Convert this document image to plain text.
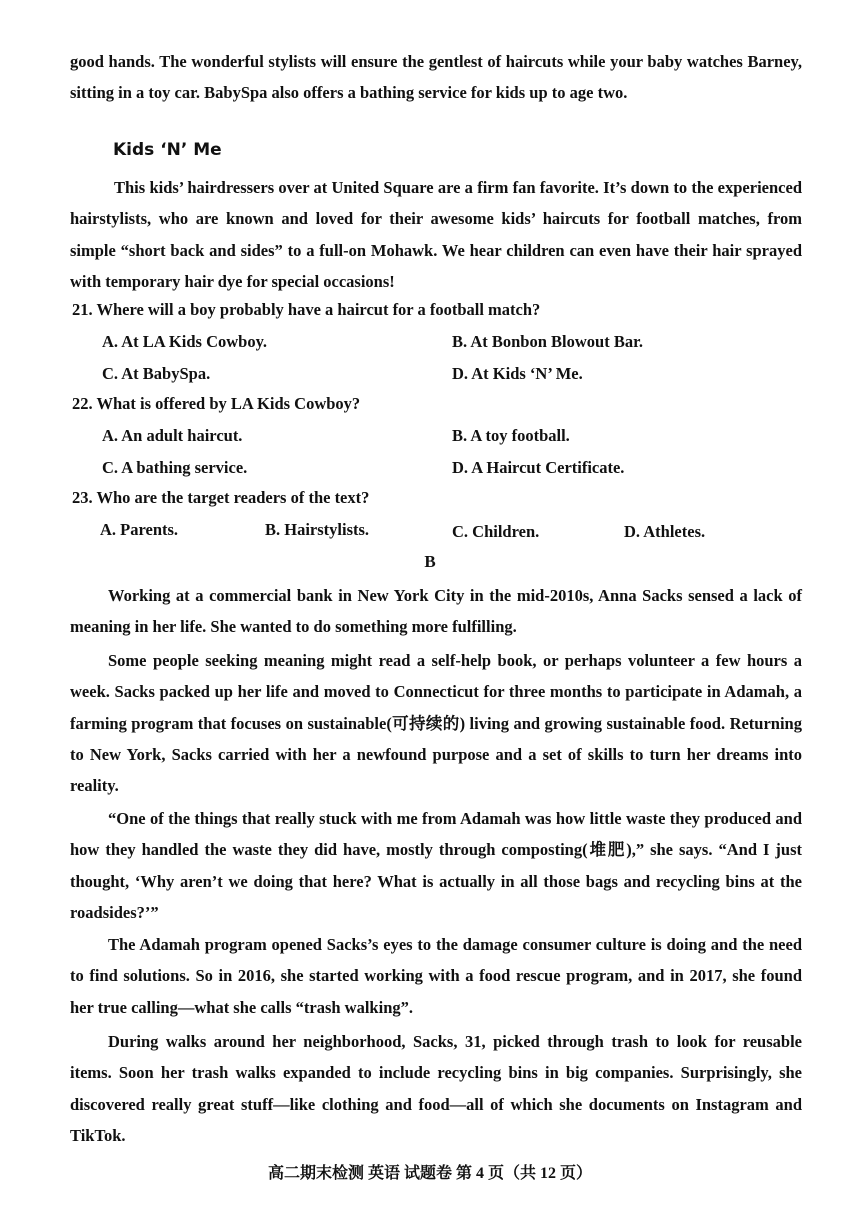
good hands. The wonderful stylists will ensure the gentlest of haircuts while your baby watches Barney, sitting in a toy car. BabySpa also offers a bathing service for kids up to age two.

Kids ‘N’ Me

This kids’ hairdressers over at United Square are a firm fan favorite. It’s down to the experienced hairstylists, who are known and loved for their awesome kids’ haircuts for football matches, from simple “short back and sides” to a full-on Mohawk. We hear children can even have their hair sprayed with temporary hair dye for special occasions!

21. Where will a boy probably have a haircut for a football match?
A. At LA Kids Cowboy.	B. At Bonbon Blowout Bar.
C. At BabySpa.	D. At Kids ‘N’ Me.
22. What is offered by LA Kids Cowboy?
A. An adult haircut.	B. A toy football.
C. A bathing service.	D. A Haircut Certificate.
23. Who are the target readers of the text?
A. Parents.	B. Hairstylists.	C. Children.	D. Athletes.
B

Working at a commercial bank in New York City in the mid-2010s, Anna Sacks sensed a lack of meaning in her life. She wanted to do something more fulfilling.

Some people seeking meaning might read a self-help book, or perhaps volunteer a few hours a week. Sacks packed up her life and moved to Connecticut for three months to participate in Adamah, a farming program that focuses on sustainable(可持续的) living and growing sustainable food. Returning to New York, Sacks carried with her a newfound purpose and a set of skills to turn her dreams into reality.

“One of the things that really stuck with me from Adamah was how little waste they produced and how they handled the waste they did have, mostly through composting(堆肥),” she says. “And I just thought, ‘Why aren’t we doing that here? What is actually in all those bags and recycling bins at the roadsides?’”

The Adamah program opened Sacks’s eyes to the damage consumer culture is doing and the need to find solutions. So in 2016, she started working with a food rescue program, and in 2017, she found her true calling—what she calls “trash walking”.

During walks around her neighborhood, Sacks, 31, picked through trash to look for reusable items. Soon her trash walks expanded to include recycling bins in big companies. Surprisingly, she discovered really great stuff—like clothing and food—all of which she documents on Instagram and TikTok.

高二期末检测 英语 试题卷 第 4 页（共 12 页）
